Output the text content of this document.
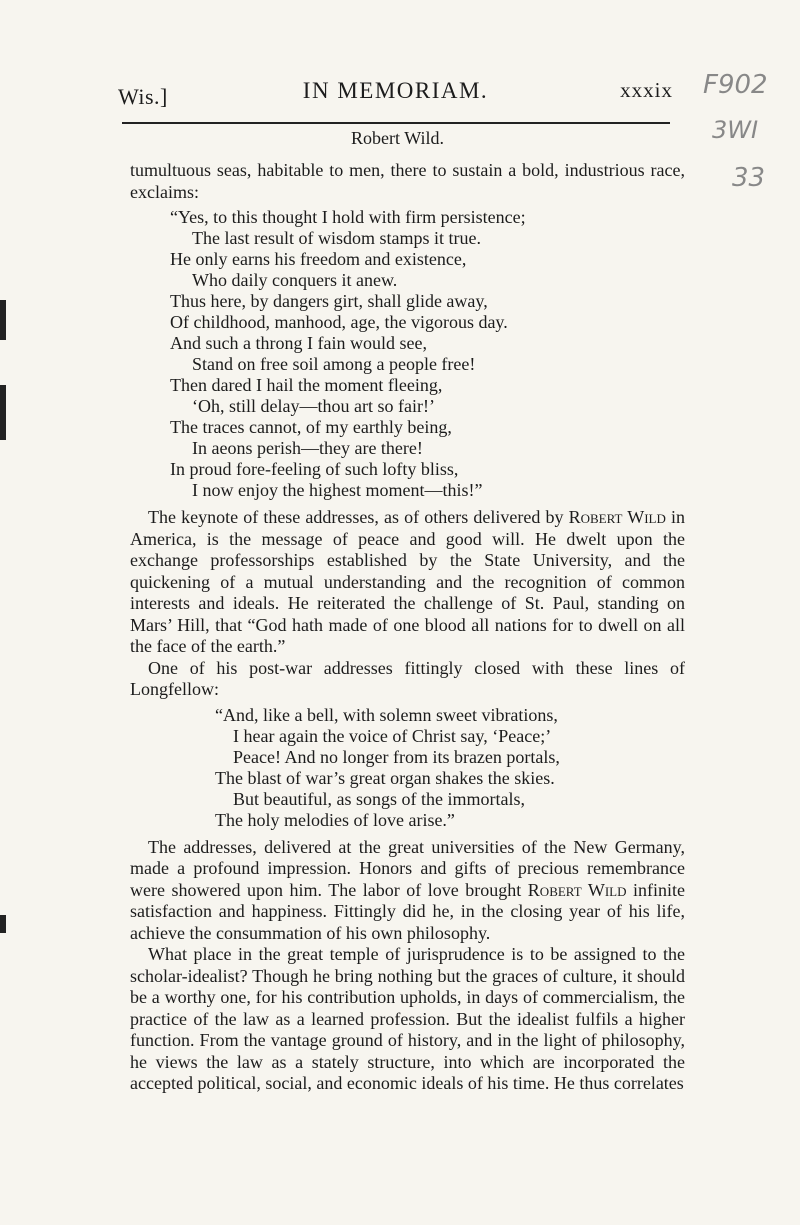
Wis.]	IN MEMORIAM.	xxxix
Robert Wild.
F902
3WI
33

tumultuous seas, habitable to men, there to sustain a bold, industrious race, exclaims:

“Yes, to this thought I hold with firm persistence;
The last result of wisdom stamps it true.
He only earns his freedom and existence,
Who daily conquers it anew.
Thus here, by dangers girt, shall glide away,
Of childhood, manhood, age, the vigorous day.
And such a throng I fain would see,
Stand on free soil among a people free!
Then dared I hail the moment fleeing,
‘Oh, still delay—thou art so fair!’
The traces cannot, of my earthly being,
In aeons perish—they are there!
In proud fore-feeling of such lofty bliss,
I now enjoy the highest moment—this!”

The keynote of these addresses, as of others delivered by Robert Wild in America, is the message of peace and good will. He dwelt upon the exchange professorships established by the State University, and the quickening of a mutual understanding and the recognition of common interests and ideals. He reiterated the challenge of St. Paul, standing on Mars’ Hill, that “God hath made of one blood all nations for to dwell on all the face of the earth.”

One of his post-war addresses fittingly closed with these lines of Longfellow:

“And, like a bell, with solemn sweet vibrations,
I hear again the voice of Christ say, ‘Peace;’
Peace! And no longer from its brazen portals,
The blast of war’s great organ shakes the skies.
But beautiful, as songs of the immortals,
The holy melodies of love arise.”

The addresses, delivered at the great universities of the New Germany, made a profound impression. Honors and gifts of precious remembrance were showered upon him. The labor of love brought Robert Wild infinite satisfaction and happiness. Fittingly did he, in the closing year of his life, achieve the consummation of his own philosophy.

What place in the great temple of jurisprudence is to be assigned to the scholar-idealist? Though he bring nothing but the graces of culture, it should be a worthy one, for his contribution upholds, in days of commercialism, the practice of the law as a learned profession. But the idealist fulfils a higher function. From the vantage ground of history, and in the light of philosophy, he views the law as a stately structure, into which are incorporated the accepted political, social, and economic ideals of his time. He thus correlates
